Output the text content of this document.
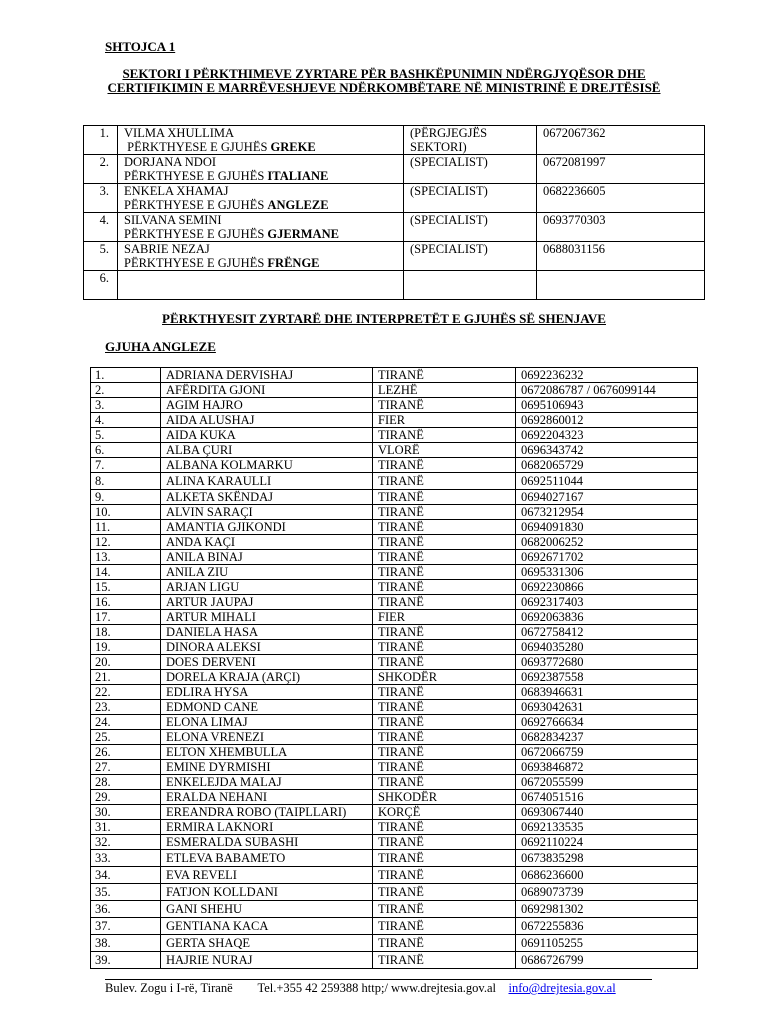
SHTOJCA 1
SEKTORI I PËRKTHIMEVE ZYRTARE PËR BASHKËPUNIMIN NDËRGJYQËSOR DHE CERTIFIKIMIN E MARRËVESHJEVE NDËRKOMBËTARE NË MINISTRINË E DREJTËSISË
1.	VILMA XHULLIMA
PËRKTHYESE E GJUHËS GREKE	(PËRGJEGJËS SEKTORI)	0672067362
2.	DORJANA NDOI
PËRKTHYESE E GJUHËS ITALIANE	(SPECIALIST)	0672081997
3.	ENKELA XHAMAJ
PËRKTHYESE E GJUHËS ANGLEZE	(SPECIALIST)	0682236605
4.	SILVANA SEMINI
PËRKTHYESE E GJUHËS GJERMANE	(SPECIALIST)	0693770303
5.	SABRIE NEZAJ
PËRKTHYESE E GJUHËS FRËNGE	(SPECIALIST)	0688031156
6.	

PËRKTHYESIT ZYRTARË DHE INTERPRETËT E GJUHËS SË SHENJAVE
GJUHA ANGLEZE
1.	ADRIANA DERVISHAJ	TIRANË	0692236232
2.	AFËRDITA GJONI	LEZHË	0672086787 / 0676099144
3.	AGIM HAJRO	TIRANË	0695106943
4.	AIDA ALUSHAJ	FIER	0692860012
5.	AIDA KUKA	TIRANË	0692204323
6.	ALBA ÇURI	VLORË	0696343742
7.	ALBANA KOLMARKU	TIRANË	0682065729
8.	ALINA KARAULLI	TIRANË	0692511044
9.	ALKETA SKËNDAJ	TIRANË	0694027167
10.	ALVIN SARAÇI	TIRANË	0673212954
11.	AMANTIA GJIKONDI	TIRANË	0694091830
12.	ANDA KAÇI	TIRANË	0682006252
13.	ANILA BINAJ	TIRANË	0692671702
14.	ANILA ZIU	TIRANË	0695331306
15.	ARJAN LIGU	TIRANË	0692230866
16.	ARTUR JAUPAJ	TIRANË	0692317403
17.	ARTUR MIHALI	FIER	0692063836
18.	DANIELA HASA	TIRANË	0672758412
19.	DINORA ALEKSI	TIRANË	0694035280
20.	DOES DERVENI	TIRANË	0693772680
21.	DORELA KRAJA (ARÇI)	SHKODËR	0692387558
22.	EDLIRA HYSA	TIRANË	0683946631
23.	EDMOND CANE	TIRANË	0693042631
24.	ELONA LIMAJ	TIRANË	0692766634
25.	ELONA VRENEZI	TIRANË	0682834237
26.	ELTON XHEMBULLA	TIRANË	0672066759
27.	EMINE DYRMISHI	TIRANË	0693846872
28.	ENKELEJDA MALAJ	TIRANË	0672055599
29.	ERALDA NEHANI	SHKODËR	0674051516
30.	EREANDRA ROBO (TAIPLLARI)	KORÇË	0693067440
31.	ERMIRA LAKNORI	TIRANË	0692133535
32.	ESMERALDA SUBASHI	TIRANË	0692110224
33.	ETLEVA BABAMETO	TIRANË	0673835298
34.	EVA REVELI	TIRANË	0686236600
35.	FATJON KOLLDANI	TIRANË	0689073739
36.	GANI SHEHU	TIRANË	0692981302
37.	GENTIANA KACA	TIRANË	0672255836
38.	GERTA SHAQE	TIRANË	0691105255
39.	HAJRIE NURAJ	TIRANË	0686726799
Bulev. Zogu i I-rë, Tiranë Tel.+355 42 259388 http;/ www.drejtesia.gov.al info@drejtesia.gov.al
